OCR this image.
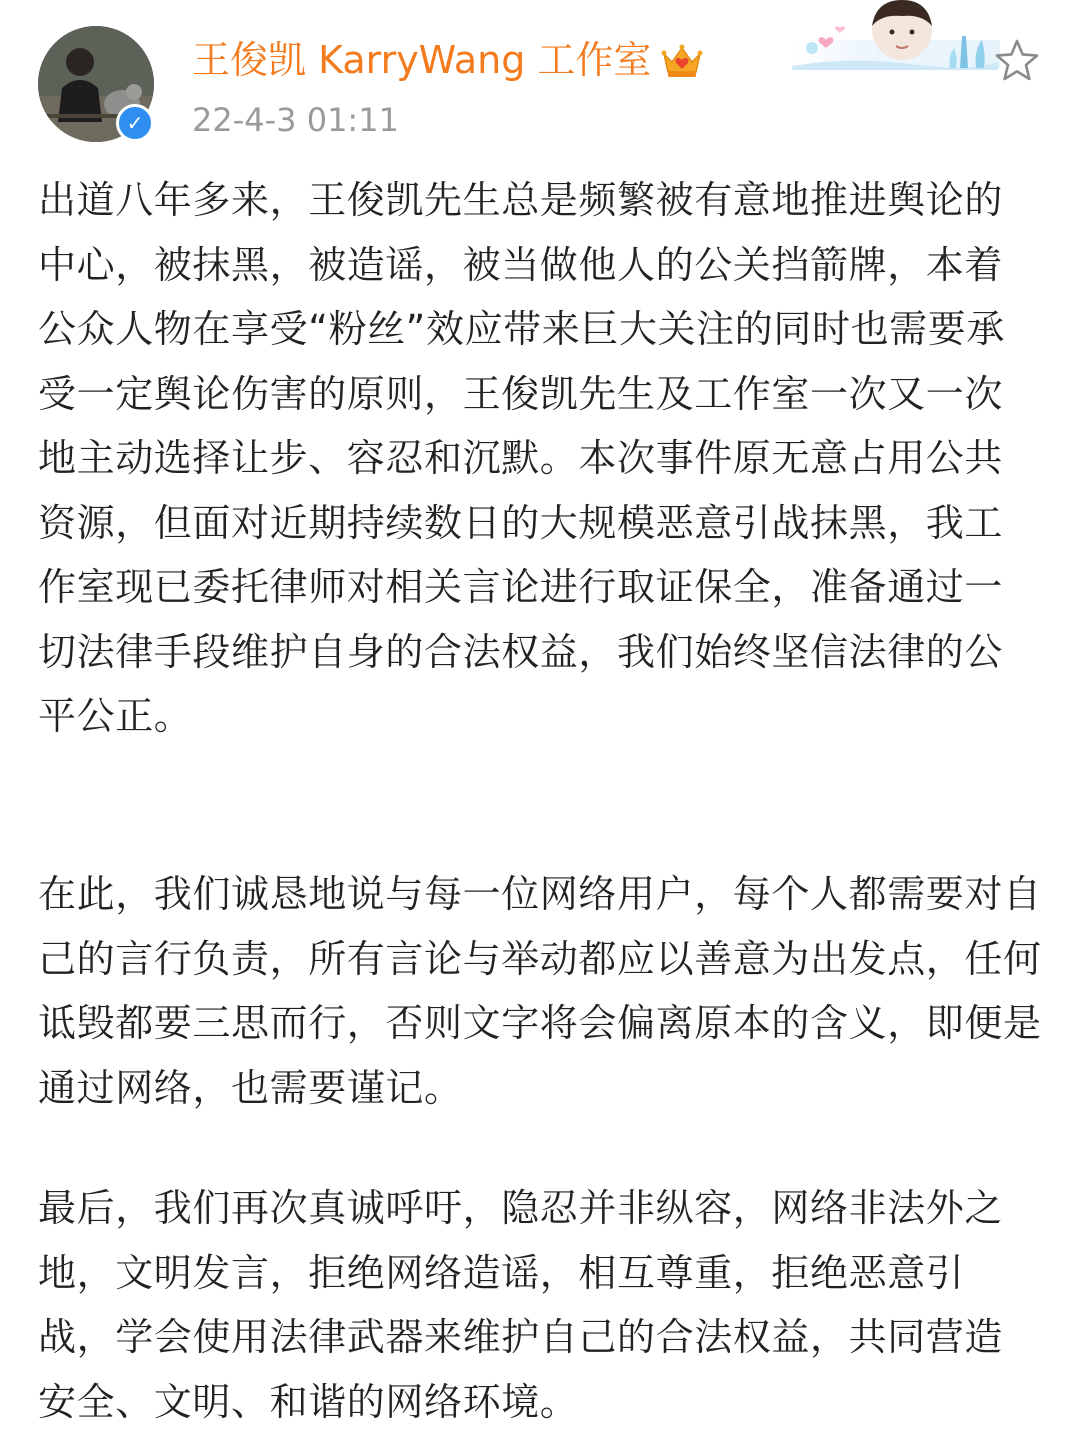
✓
王俊凯 KarryWang 工作室
22-4-3 01:11

出道八年多来，王俊凯先生总是频繁被有意地推进舆论的中心，被抹黑，被造谣，被当做他人的公关挡箭牌，本着公众人物在享受“粉丝”效应带来巨大关注的同时也需要承受一定舆论伤害的原则，王俊凯先生及工作室一次又一次地主动选择让步、容忍和沉默。本次事件原无意占用公共资源，但面对近期持续数日的大规模恶意引战抹黑，我工作室现已委托律师对相关言论进行取证保全，准备通过一切法律手段维护自身的合法权益，我们始终坚信法律的公平公正。

在此，我们诚恳地说与每一位网络用户，每个人都需要对自己的言行负责，所有言论与举动都应以善意为出发点，任何诋毁都要三思而行，否则文字将会偏离原本的含义，即便是通过网络，也需要谨记。

最后，我们再次真诚呼吁，隐忍并非纵容，网络非法外之地，文明发言，拒绝网络造谣，相互尊重，拒绝恶意引战，学会使用法律武器来维护自己的合法权益，共同营造安全、文明、和谐的网络环境。
